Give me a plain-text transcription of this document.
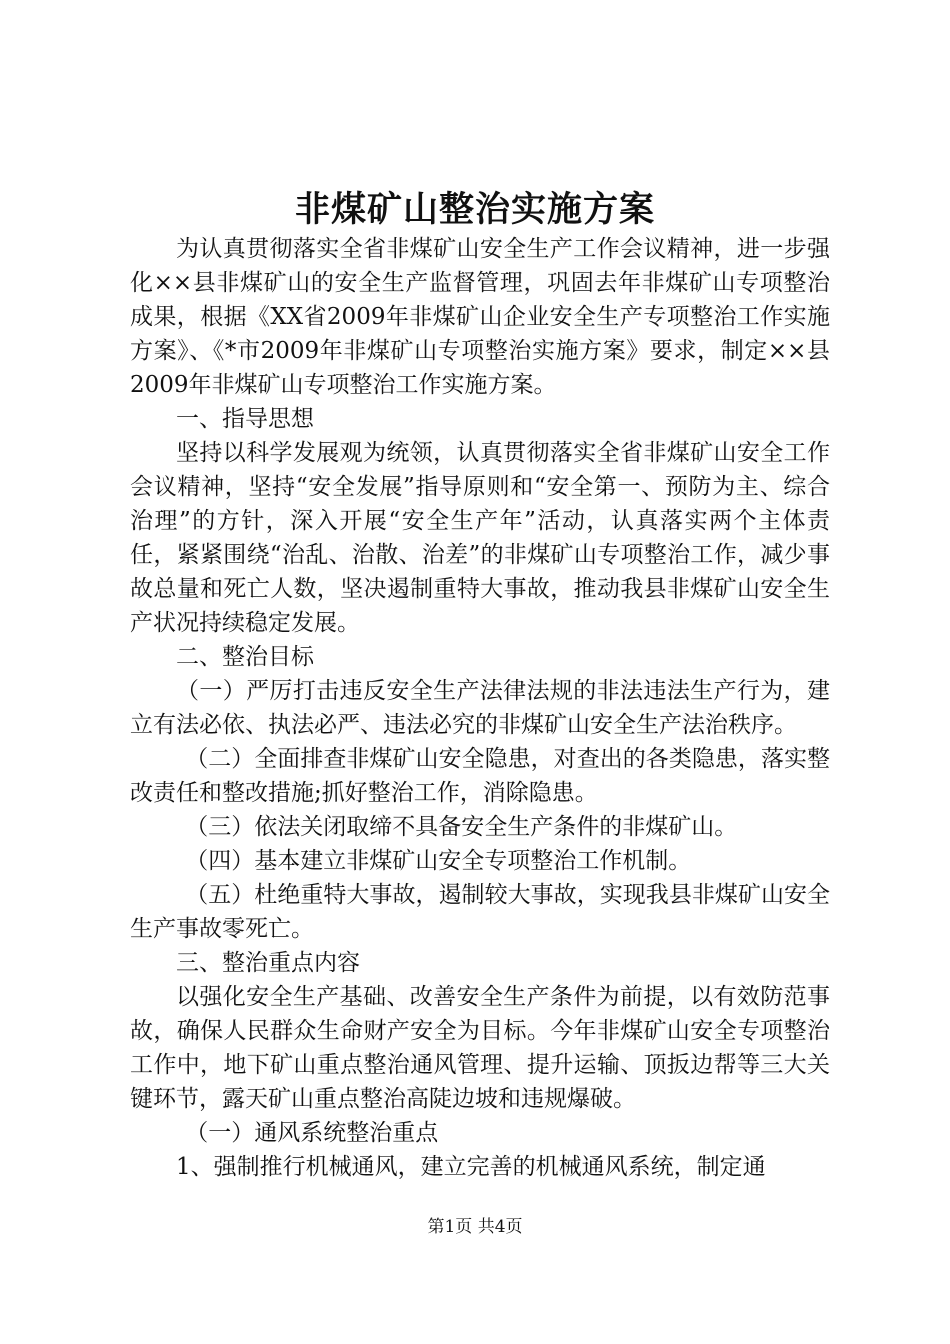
非煤矿山整治实施方案

为认真贯彻落实全省非煤矿山安全生产工作会议精神，进一步强化××县非煤矿山的安全生产监督管理，巩固去年非煤矿山专项整治成果，根据《XX省2009年非煤矿山企业安全生产专项整治工作实施方案》、《*市2009年非煤矿山专项整治实施方案》要求，制定××县2009年非煤矿山专项整治工作实施方案。

一、指导思想

坚持以科学发展观为统领，认真贯彻落实全省非煤矿山安全工作会议精神，坚持“安全发展”指导原则和“安全第一、预防为主、综合治理”的方针，深入开展“安全生产年”活动，认真落实两个主体责任，紧紧围绕“治乱、治散、治差”的非煤矿山专项整治工作，减少事故总量和死亡人数，坚决遏制重特大事故，推动我县非煤矿山安全生产状况持续稳定发展。

二、整治目标

（一）严厉打击违反安全生产法律法规的非法违法生产行为，建立有法必依、执法必严、违法必究的非煤矿山安全生产法治秩序。

（二）全面排查非煤矿山安全隐患，对查出的各类隐患，落实整改责任和整改措施;抓好整治工作，消除隐患。

（三）依法关闭取缔不具备安全生产条件的非煤矿山。

（四）基本建立非煤矿山安全专项整治工作机制。

（五）杜绝重特大事故，遏制较大事故，实现我县非煤矿山安全生产事故零死亡。

三、整治重点内容

以强化安全生产基础、改善安全生产条件为前提，以有效防范事故，确保人民群众生命财产安全为目标。今年非煤矿山安全专项整治工作中，地下矿山重点整治通风管理、提升运输、顶扳边帮等三大关键环节，露天矿山重点整治高陡边坡和违规爆破。

（一）通风系统整治重点

1、强制推行机械通风，建立完善的机械通风系统，制定通

第1页 共4页
